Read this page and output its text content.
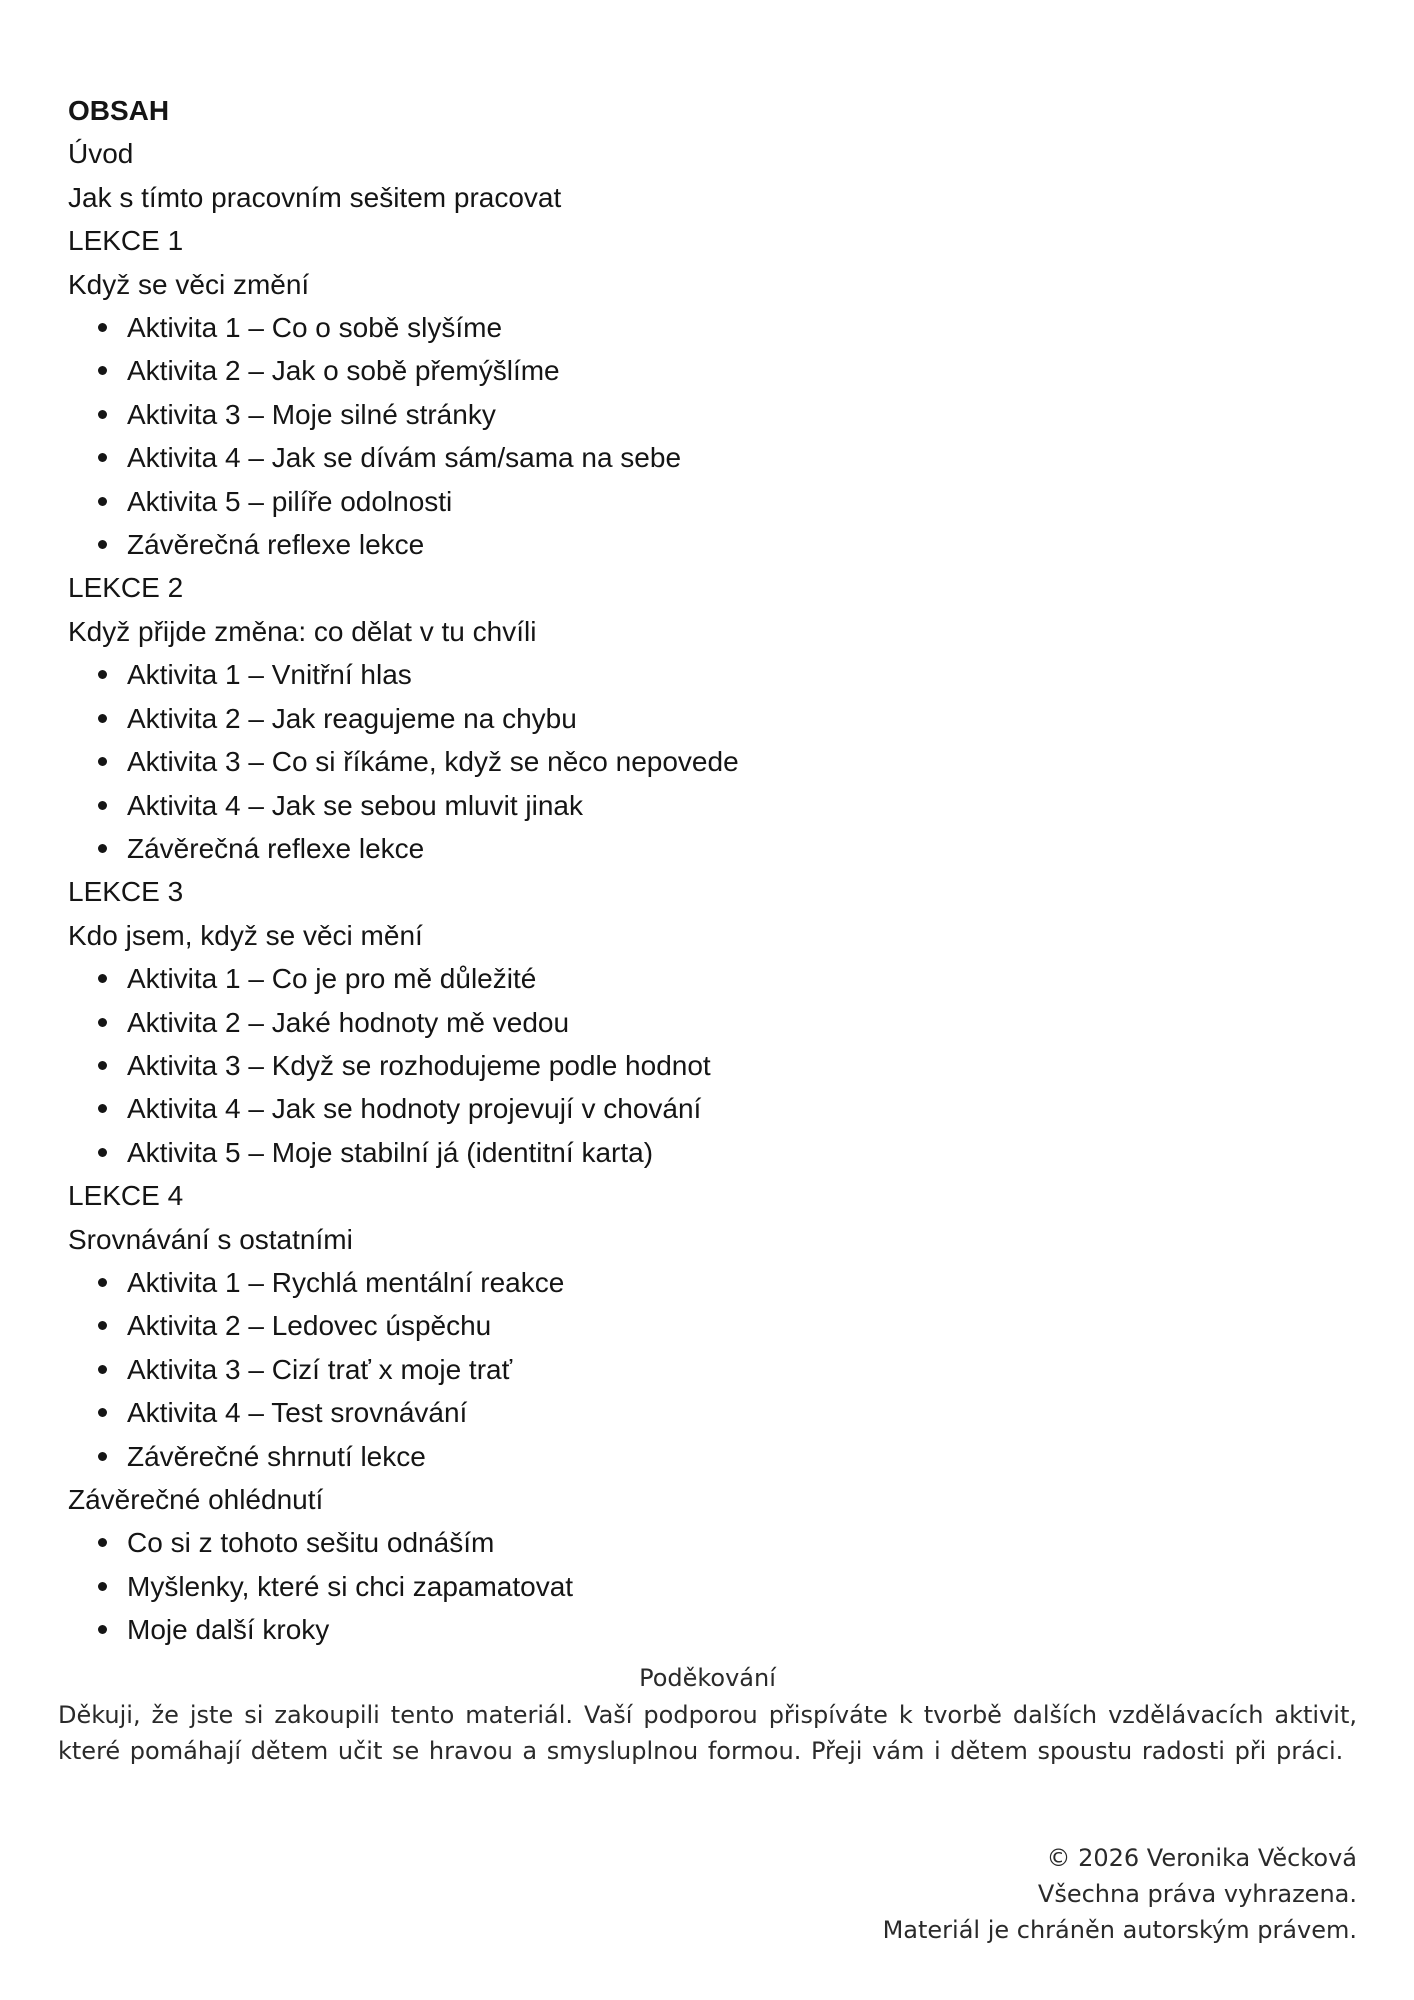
OBSAH
Úvod
Jak s tímto pracovním sešitem pracovat
LEKCE 1
Když se věci změní
Aktivita 1 – Co o sobě slyšíme
Aktivita 2 – Jak o sobě přemýšlíme
Aktivita 3 – Moje silné stránky
Aktivita 4 – Jak se dívám sám/sama na sebe
Aktivita 5 – pilíře odolnosti
Závěrečná reflexe lekce
LEKCE 2
Když přijde změna: co dělat v tu chvíli
Aktivita 1 – Vnitřní hlas
Aktivita 2 – Jak reagujeme na chybu
Aktivita 3 – Co si říkáme, když se něco nepovede
Aktivita 4 – Jak se sebou mluvit jinak
Závěrečná reflexe lekce
LEKCE 3
Kdo jsem, když se věci mění
Aktivita 1 – Co je pro mě důležité
Aktivita 2 – Jaké hodnoty mě vedou
Aktivita 3 – Když se rozhodujeme podle hodnot
Aktivita 4 – Jak se hodnoty projevují v chování
Aktivita 5 – Moje stabilní já (identitní karta)
LEKCE 4
Srovnávání s ostatními
Aktivita 1 – Rychlá mentální reakce
Aktivita 2 – Ledovec úspěchu
Aktivita 3 – Cizí trať x moje trať
Aktivita 4 – Test srovnávání
Závěrečné shrnutí lekce
Závěrečné ohlédnutí
Co si z tohoto sešitu odnáším
Myšlenky, které si chci zapamatovat
Moje další kroky
Poděkování
Děkuji, že jste si zakoupili tento materiál. Vaší podporou přispíváte k tvorbě dalších vzdělávacích aktivit, které pomáhají dětem učit se hravou a smysluplnou formou. Přeji vám i dětem spoustu radosti při práci.
© 2026 Veronika Věcková
Všechna práva vyhrazena.
Materiál je chráněn autorským právem.
